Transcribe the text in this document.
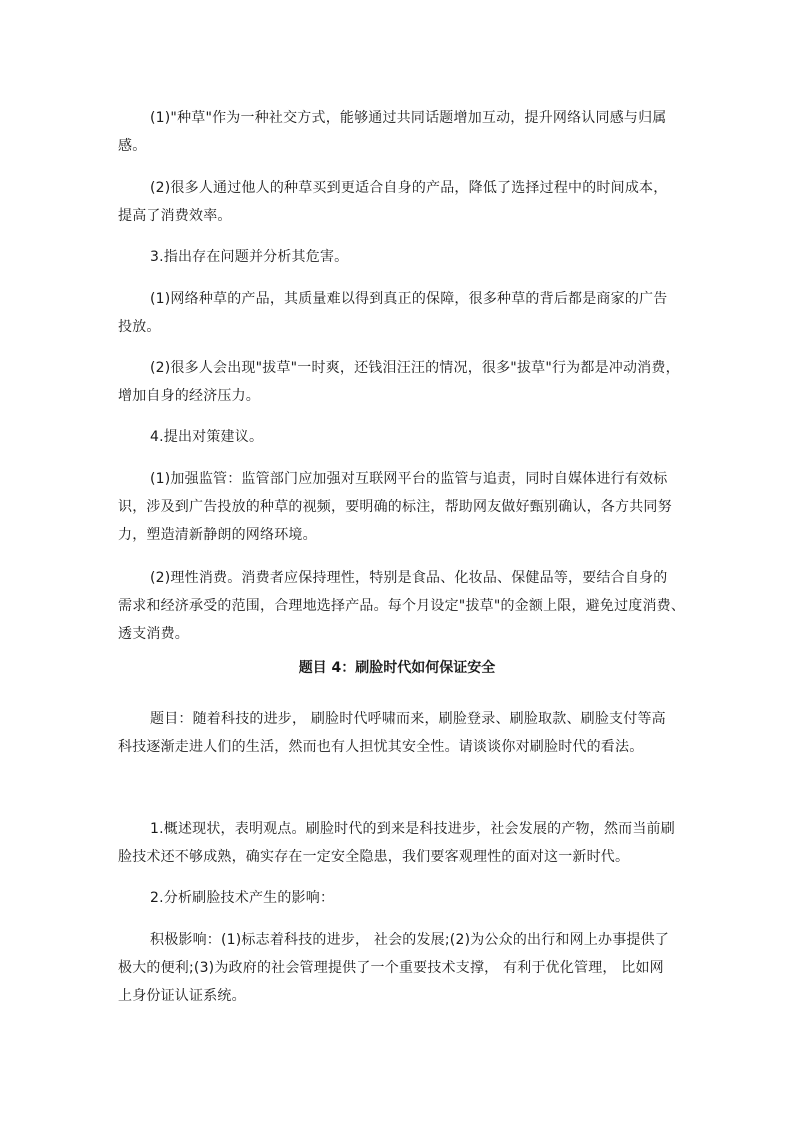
(1)"种草"作为一种社交方式，能够通过共同话题增加互动，提升网络认同感与归属
感。

(2)很多人通过他人的种草买到更适合自身的产品，降低了选择过程中的时间成本，
提高了消费效率。

3.指出存在问题并分析其危害。

(1)网络种草的产品，其质量难以得到真正的保障，很多种草的背后都是商家的广告
投放。

(2)很多人会出现"拔草"一时爽，还钱泪汪汪的情况，很多"拔草"行为都是冲动消费，
增加自身的经济压力。

4.提出对策建议。

(1)加强监管：监管部门应加强对互联网平台的监管与追责，同时自媒体进行有效标
识，涉及到广告投放的种草的视频，要明确的标注，帮助网友做好甄别确认，各方共同努
力，塑造清新静朗的网络环境。

(2)理性消费。消费者应保持理性，特别是食品、化妆品、保健品等，要结合自身的
需求和经济承受的范围，合理地选择产品。每个月设定"拔草"的金额上限，避免过度消费、
透支消费。

题目 4：刷脸时代如何保证安全

题目：随着科技的进步， 刷脸时代呼啸而来，刷脸登录、刷脸取款、刷脸支付等高
科技逐渐走进人们的生活，然而也有人担忧其安全性。请谈谈你对刷脸时代的看法。

1.概述现状，表明观点。刷脸时代的到来是科技进步，社会发展的产物，然而当前刷
脸技术还不够成熟，确实存在一定安全隐患，我们要客观理性的面对这一新时代。

2.分析刷脸技术产生的影响：

积极影响：(1)标志着科技的进步， 社会的发展;(2)为公众的出行和网上办事提供了
极大的便利;(3)为政府的社会管理提供了一个重要技术支撑， 有利于优化管理， 比如网
上身份证认证系统。
